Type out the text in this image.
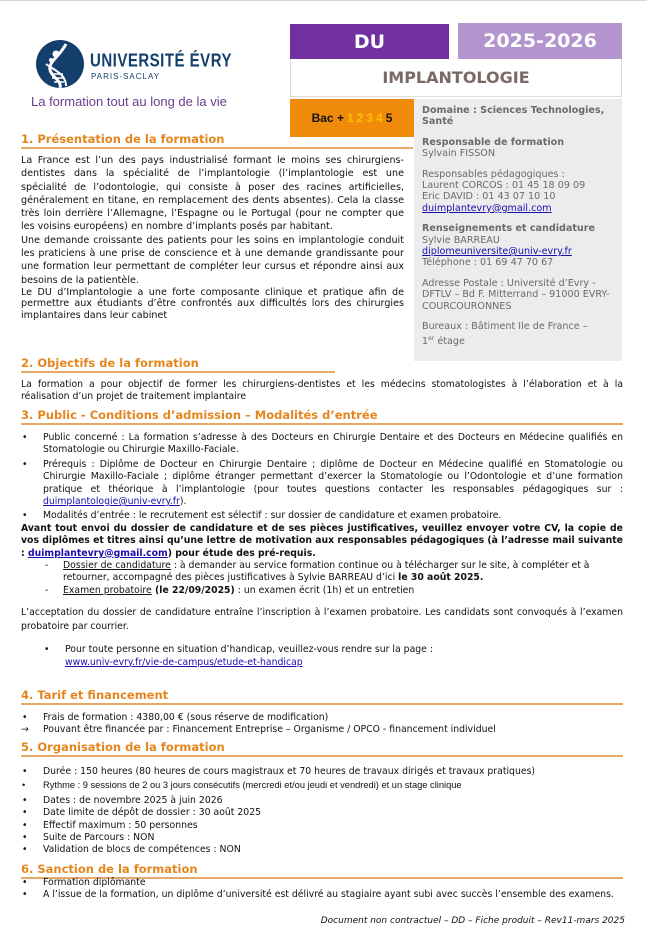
UNIVERSITÉ ÉVRY
PARIS-SACLAY
La formation tout au long de la vie
DU	2025-2026
IMPLANTOLOGIE
Bac + 1 2 3 4 5
Domaine : Sciences Technologies, Santé
Responsable de formation
Sylvain FISSON
Responsables pédagogiques :
Laurent CORCOS : 01 45 18 09 09
Eric DAVID : 01 43 07 10 10
duimplantevry@gmail.com
Renseignements et candidature
Sylvie BARREAU
diplomeuniversite@univ-evry.fr
Téléphone : 01 69 47 70 67
Adresse Postale : Université d’Evry - DFTLV – Bd F. Mitterrand – 91000 EVRY-COURCOURONNES
Bureaux : Bâtiment Ile de France –
1er étage
1. Présentation de la formation
La France est l’un des pays industrialisé formant le moins ses chirurgiens-dentistes dans la spécialité de l’implantologie (l’implantologie est une spécialité de l’odontologie, qui consiste à poser des racines artificielles, généralement en titane, en remplacement des dents absentes). Cela la classe très loin derrière l’Allemagne, l’Espagne ou le Portugal (pour ne compter que les voisins européens) en nombre d’implants posés par habitant.
Une demande croissante des patients pour les soins en implantologie conduit les praticiens à une prise de conscience et à une demande grandissante pour une formation leur permettant de compléter leur cursus et répondre ainsi aux besoins de la patientèle.
Le DU d’Implantologie a une forte composante clinique et pratique afin de permettre aux étudiants d’être confrontés aux difficultés lors des chirurgies implantaires dans leur cabinet
2. Objectifs de la formation
La formation a pour objectif de former les chirurgiens-dentistes et les médecins stomatologistes à l’élaboration et à la réalisation d’un projet de traitement implantaire
3. Public - Conditions d’admission – Modalités d’entrée
• Public concerné : La formation s’adresse à des Docteurs en Chirurgie Dentaire et des Docteurs en Médecine qualifiés en Stomatologie ou Chirurgie Maxillo-Faciale.
• Prérequis : Diplôme de Docteur en Chirurgie Dentaire ; diplôme de Docteur en Médecine qualifié en Stomatologie ou Chirurgie Maxillo-Faciale ; diplôme étranger permettant d’exercer la Stomatologie ou l’Odontologie et d’une formation pratique et théorique à l’implantologie (pour toutes questions contacter les responsables pédagogiques sur : duimplantologie@univ-evry.fr).
• Modalités d’entrée : le recrutement est sélectif : sur dossier de candidature et examen probatoire.
Avant tout envoi du dossier de candidature et de ses pièces justificatives, veuillez envoyer votre CV, la copie de vos diplômes et titres ainsi qu’une lettre de motivation aux responsables pédagogiques (à l’adresse mail suivante : duimplantevry@gmail.com) pour étude des pré-requis.
- Dossier de candidature : à demander au service formation continue ou à télécharger sur le site, à compléter et à retourner, accompagné des pièces justificatives à Sylvie BARREAU d’ici le 30 août 2025.
- Examen probatoire (le 22/09/2025) : un examen écrit (1h) et un entretien
L’acceptation du dossier de candidature entraîne l’inscription à l’examen probatoire. Les candidats sont convoqués à l’examen probatoire par courrier.
• Pour toute personne en situation d’handicap, veuillez-vous rendre sur la page :
www.univ-evry.fr/vie-de-campus/etude-et-handicap
4. Tarif et financement
• Frais de formation : 4380,00 € (sous réserve de modification)
→ Pouvant être financée par : Financement Entreprise – Organisme / OPCO - financement individuel
5. Organisation de la formation
• Durée : 150 heures (80 heures de cours magistraux et 70 heures de travaux dirigés et travaux pratiques)
• Rythme : 9 sessions de 2 ou 3 jours consécutifs (mercredi et/ou jeudi et vendredi) et un stage clinique
• Dates : de novembre 2025 à juin 2026
• Date limite de dépôt de dossier : 30 août 2025
• Effectif maximum : 50 personnes
• Suite de Parcours : NON
• Validation de blocs de compétences : NON
6. Sanction de la formation
• Formation diplômante
• A l’issue de la formation, un diplôme d’université est délivré au stagiaire ayant subi avec succès l’ensemble des examens.
Document non contractuel – DD – Fiche produit – Rev11-mars 2025
